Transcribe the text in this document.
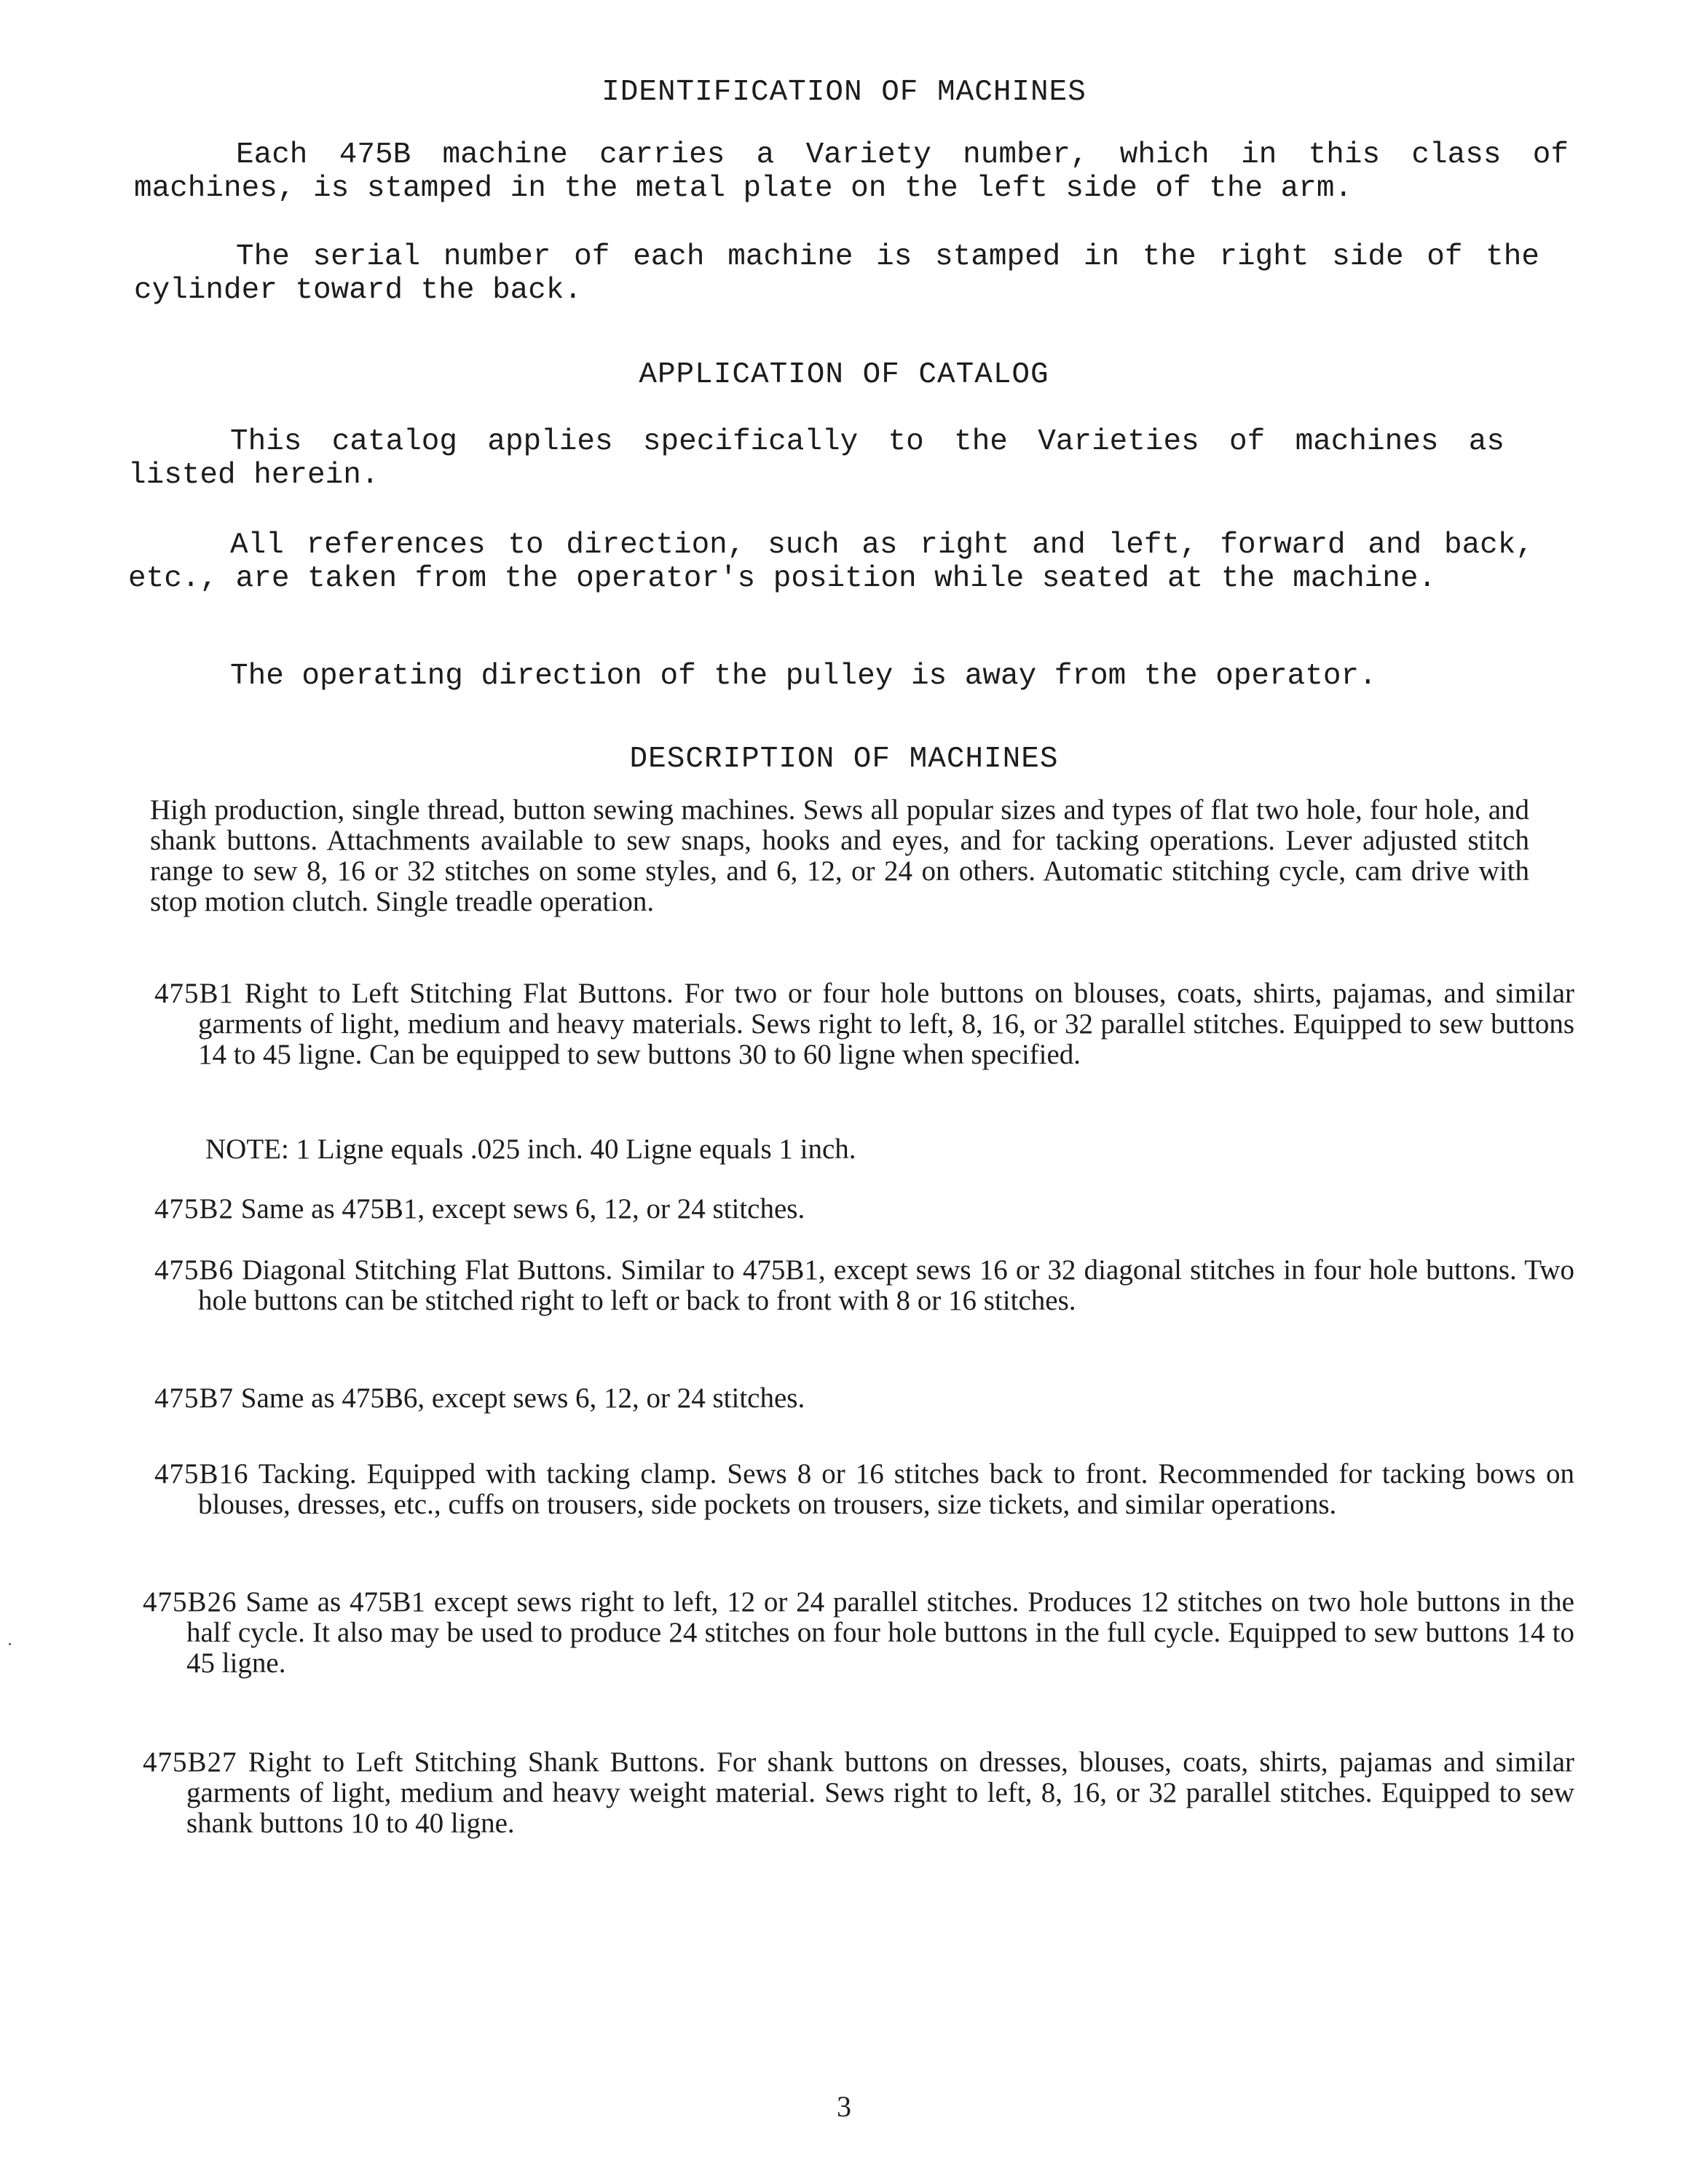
IDENTIFICATION OF MACHINES

Each 475B machine carries a Variety number, which in this class of machines, is stamped in the metal plate on the left side of the arm.

The serial number of each machine is stamped in the right side of the cylinder toward the back.

APPLICATION OF CATALOG

This catalog applies specifically to the Varieties of machines as listed herein.

All references to direction, such as right and left, forward and back, etc., are taken from the operator's position while seated at the machine.

The operating direction of the pulley is away from the operator.

DESCRIPTION OF MACHINES

High production, single thread, button sewing machines. Sews all popular sizes and types of flat two hole, four hole, and shank buttons. Attachments available to sew snaps, hooks and eyes, and for tacking operations. Lever adjusted stitch range to sew 8, 16 or 32 stitches on some styles, and 6, 12, or 24 on others. Automatic stitching cycle, cam drive with stop motion clutch. Single treadle operation.

475B1 Right to Left Stitching Flat Buttons. For two or four hole buttons on blouses, coats, shirts, pajamas, and similar garments of light, medium and heavy materials. Sews right to left, 8, 16, or 32 parallel stitches. Equipped to sew buttons 14 to 45 ligne. Can be equipped to sew buttons 30 to 60 ligne when specified.

NOTE: 1 Ligne equals .025 inch. 40 Ligne equals 1 inch.

475B2 Same as 475B1, except sews 6, 12, or 24 stitches.

475B6 Diagonal Stitching Flat Buttons. Similar to 475B1, except sews 16 or 32 diagonal stitches in four hole buttons. Two hole buttons can be stitched right to left or back to front with 8 or 16 stitches.

475B7 Same as 475B6, except sews 6, 12, or 24 stitches.

475B16 Tacking. Equipped with tacking clamp. Sews 8 or 16 stitches back to front. Recommended for tacking bows on blouses, dresses, etc., cuffs on trousers, side pockets on trousers, size tickets, and similar operations.

475B26 Same as 475B1 except sews right to left, 12 or 24 parallel stitches. Produces 12 stitches on two hole buttons in the half cycle. It also may be used to produce 24 stitches on four hole buttons in the full cycle. Equipped to sew buttons 14 to 45 ligne.

475B27 Right to Left Stitching Shank Buttons. For shank buttons on dresses, blouses, coats, shirts, pajamas and similar garments of light, medium and heavy weight material. Sews right to left, 8, 16, or 32 parallel stitches. Equipped to sew shank buttons 10 to 40 ligne.

3
